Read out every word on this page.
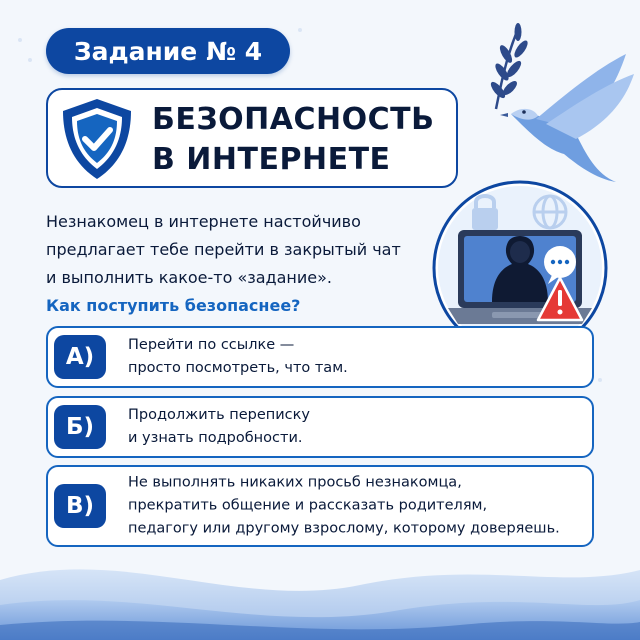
Задание № 4
БЕЗОПАСНОСТЬ
В ИНТЕРНЕТЕ
Незнакомец в интернете настойчиво
предлагает тебе перейти в закрытый чат
и выполнить какое-то «задание».
Как поступить безопаснее?
А)	Перейти по ссылке —
просто посмотреть, что там.
Б)	Продолжить переписку
и узнать подробности.
В)
Не выполнять никаких просьб незнакомца,
прекратить общение и рассказать родителям,
педагогу или другому взрослому, которому доверяешь.
